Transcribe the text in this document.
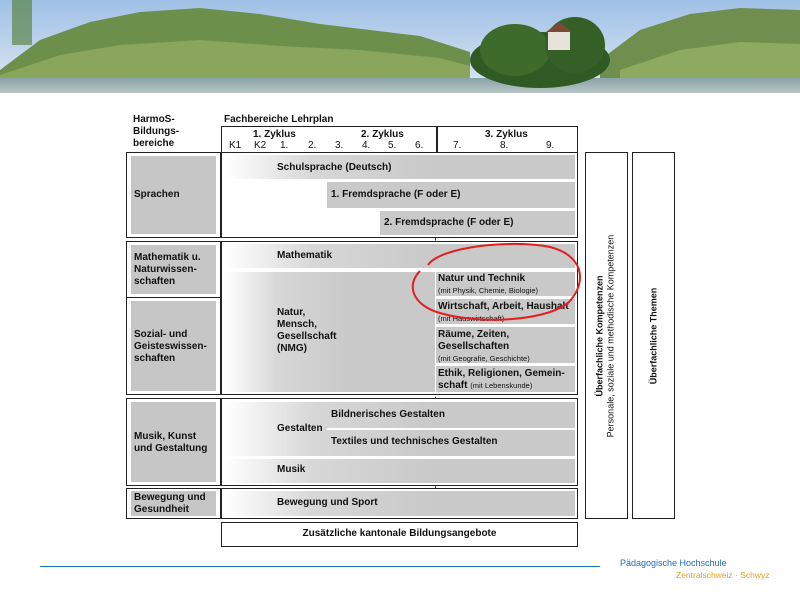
HarmoS-
Bildungs-
bereiche
Fachbereiche Lehrplan
1. Zyklus	2. Zyklus	3. Zyklus
K1 K2 1. 2. 3. 4. 5. 6.	7.	8.	9.
Sprachen
Mathematik u.
Naturwissen-
schaften
Sozial- und
Geisteswissen-
schaften
Musik, Kunst
und Gestaltung
Bewegung und
Gesundheit
Schulsprache (Deutsch)
1. Fremdsprache (F oder E)
2. Fremdsprache (F oder E)
Mathematik
Natur,
Mensch,
Gesellschaft
(NMG)
Natur und Technik
(mit Physik, Chemie, Biologie)
Wirtschaft, Arbeit, Haushalt
(mit Hauswirtschaft)
Räume, Zeiten,
Gesellschaften
(mit Geografie, Geschichte)
Ethik, Religionen, Gemein-
schaft (mit Lebenskunde)
Gestalten
Bildnerisches Gestalten
Textiles und technisches Gestalten
Musik
Bewegung und Sport
Zusätzliche kantonale Bildungsangebote
Überfachliche Kompetenzen Personale, soziale und methodische Kompetenzen	Überfachliche Themen
Pädagogische Hochschule
Zentralschweiz · Schwyz
